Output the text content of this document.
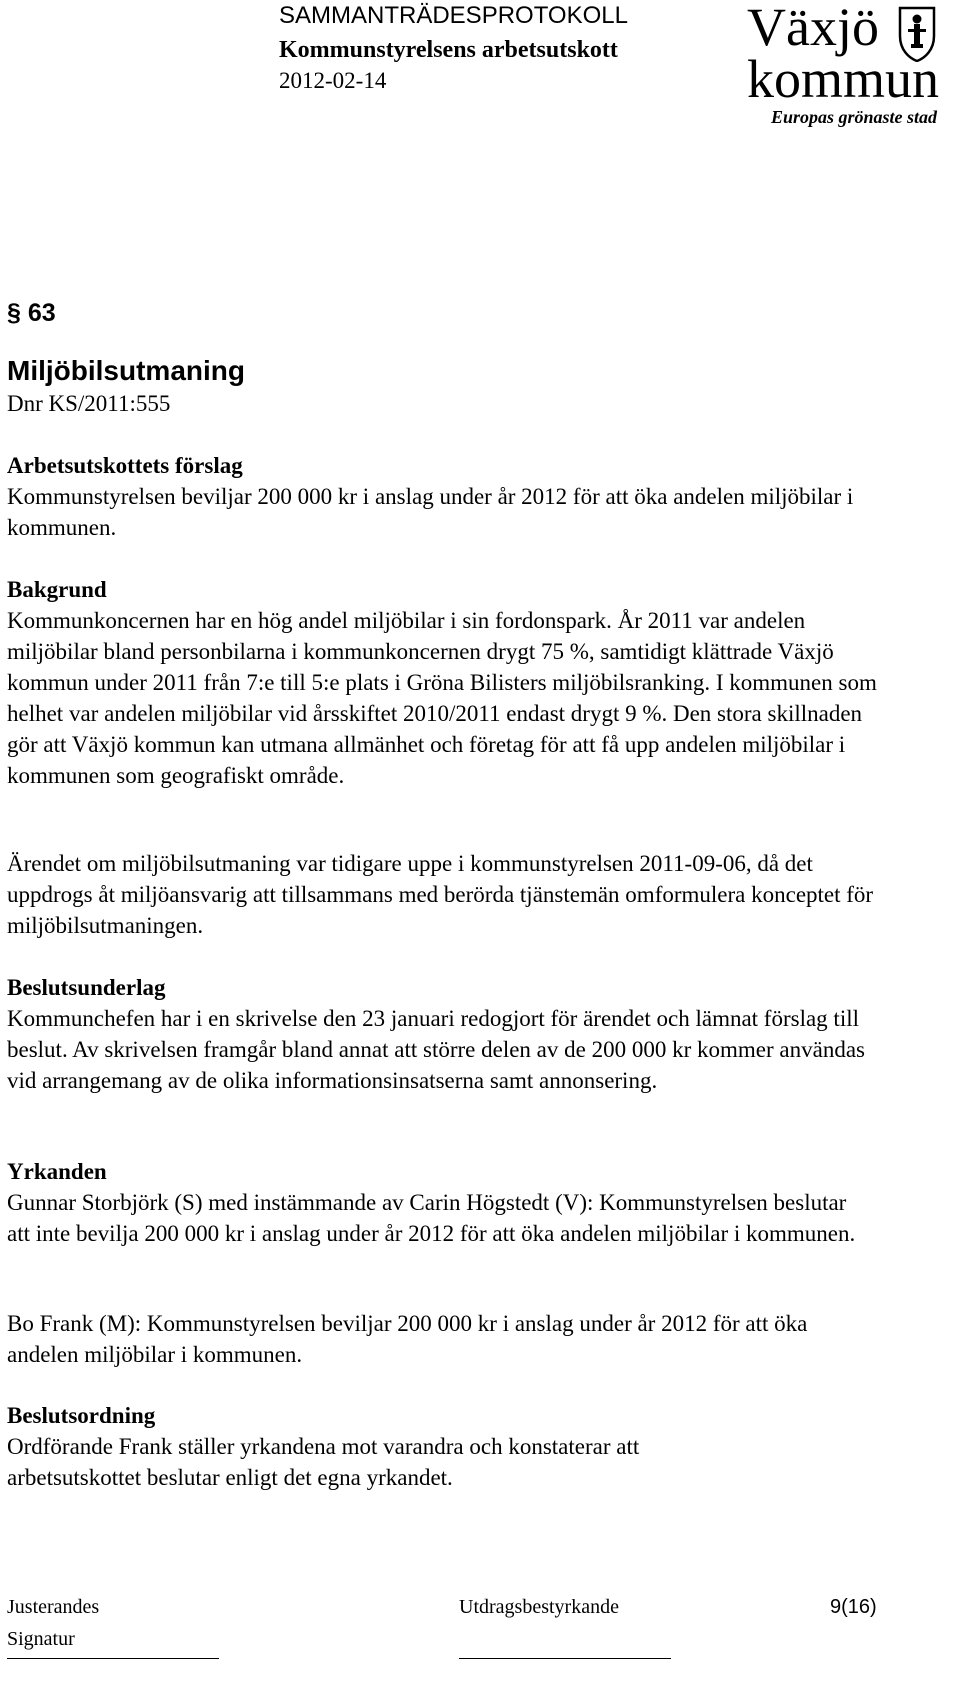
SAMMANTRÄDESPROTOKOLL
Kommunstyrelsens arbetsutskott
2012-02-14
Växjö
kommun
Europas grönaste stad
§ 63
Miljöbilsutmaning
Dnr KS/2011:555
Arbetsutskottets förslag
Kommunstyrelsen beviljar 200 000 kr i anslag under år 2012 för att öka andelen miljöbilar i kommunen.
Bakgrund
Kommunkoncernen har en hög andel miljöbilar i sin fordonspark. År 2011 var andelen miljöbilar bland personbilarna i kommunkoncernen drygt 75 %, samtidigt klättrade Växjö kommun under 2011 från 7:e till 5:e plats i Gröna Bilisters miljöbilsranking. I kommunen som helhet var andelen miljöbilar vid årsskiftet 2010/2011 endast drygt 9 %. Den stora skillnaden gör att Växjö kommun kan utmana allmänhet och företag för att få upp andelen miljöbilar i kommunen som geografiskt område.
Ärendet om miljöbilsutmaning var tidigare uppe i kommunstyrelsen 2011-09-06, då det uppdrogs åt miljöansvarig att tillsammans med berörda tjänstemän omformulera konceptet för miljöbilsutmaningen.
Beslutsunderlag
Kommunchefen har i en skrivelse den 23 januari redogjort för ärendet och lämnat förslag till beslut. Av skrivelsen framgår bland annat att större delen av de 200 000 kr kommer användas vid arrangemang av de olika informationsinsatserna samt annonsering.
Yrkanden
Gunnar Storbjörk (S) med instämmande av Carin Högstedt (V): Kommunstyrelsen beslutar att inte bevilja 200 000 kr i anslag under år 2012 för att öka andelen miljöbilar i kommunen.
Bo Frank (M): Kommunstyrelsen beviljar 200 000 kr i anslag under år 2012 för att öka andelen miljöbilar i kommunen.
Beslutsordning
Ordförande Frank ställer yrkandena mot varandra och konstaterar att arbetsutskottet beslutar enligt det egna yrkandet.
Justerandes
Signatur
Utdragsbestyrkande	9(16)
